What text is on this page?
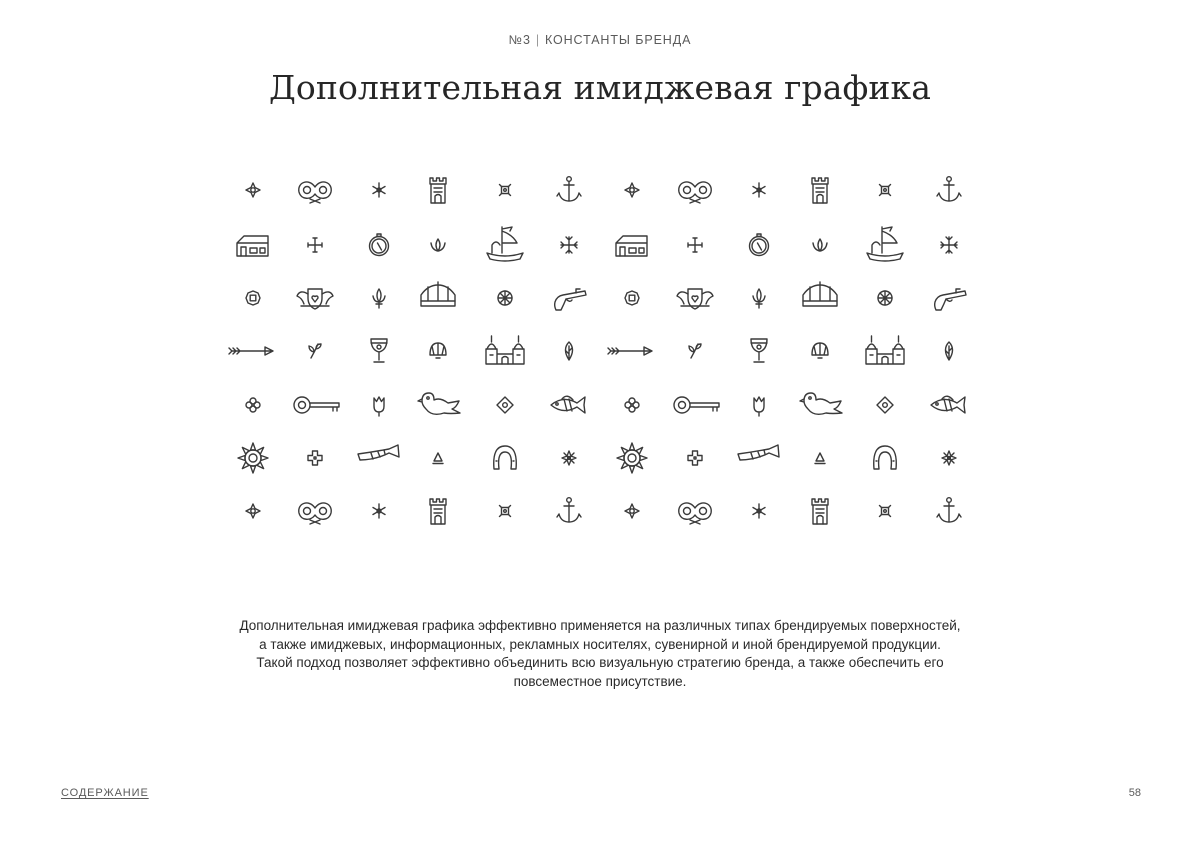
№3 | КОНСТАНТЫ БРЕНДА
Дополнительная имиджевая графика

Дополнительная имиджевая графика эффективно применяется на различных типах брендируемых поверхностей,

а также имиджевых, информационных, рекламных носителях, сувенирной и иной брендируемой продукции.

Такой подход позволяет эффективно объединить всю визуальную стратегию бренда, а также обеспечить его

повсеместное присутствие.

СОДЕРЖАНИЕ	58
